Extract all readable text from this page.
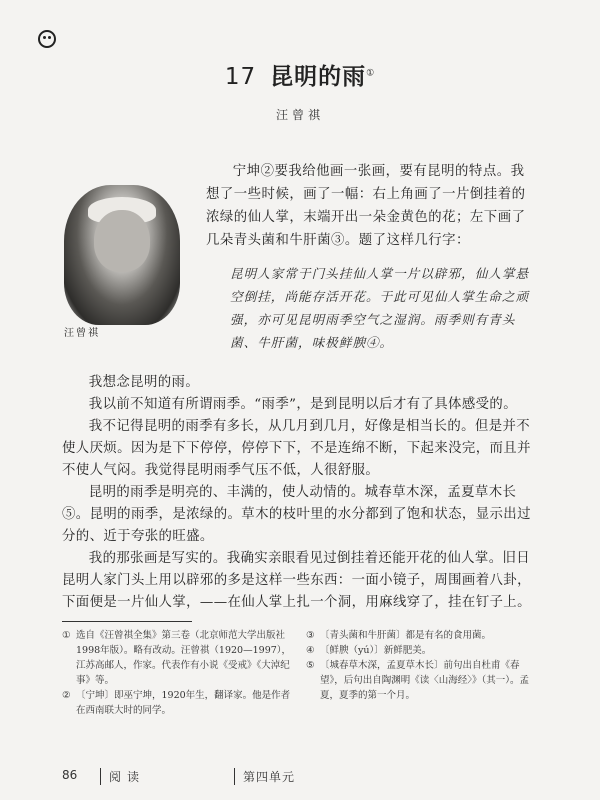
17 昆明的雨①
汪曾祺
汪曾祺

宁坤②要我给他画一张画，要有昆明的特点。我想了一些时候，画了一幅：右上角画了一片倒挂着的浓绿的仙人掌，末端开出一朵金黄色的花；左下画了几朵青头菌和牛肝菌③。题了这样几行字：

昆明人家常于门头挂仙人掌一片以辟邪，仙人掌悬空倒挂，尚能存活开花。于此可见仙人掌生命之顽强，亦可见昆明雨季空气之湿润。雨季则有青头菌、牛肝菌，味极鲜腴④。

我想念昆明的雨。

我以前不知道有所谓雨季。“雨季”，是到昆明以后才有了具体感受的。

我不记得昆明的雨季有多长，从几月到几月，好像是相当长的。但是并不使人厌烦。因为是下下停停，停停下下，不是连绵不断，下起来没完，而且并不使人气闷。我觉得昆明雨季气压不低，人很舒服。

昆明的雨季是明亮的、丰满的，使人动情的。城春草木深，孟夏草木长⑤。昆明的雨季，是浓绿的。草木的枝叶里的水分都到了饱和状态，显示出过分的、近于夸张的旺盛。

我的那张画是写实的。我确实亲眼看见过倒挂着还能开花的仙人掌。旧日昆明人家门头上用以辟邪的多是这样一些东西：一面小镜子，周围画着八卦，下面便是一片仙人掌，——在仙人掌上扎一个洞，用麻线穿了，挂在钉子上。

① 选自《汪曾祺全集》第三卷（北京师范大学出版社1998年版）。略有改动。汪曾祺（1920—1997），江苏高邮人，作家。代表作有小说《受戒》《大淖纪事》等。
② 〔宁坤〕即巫宁坤，1920年生，翻译家。他是作者在西南联大时的同学。
③ 〔青头菌和牛肝菌〕都是有名的食用菌。
④ 〔鲜腴（yú）〕新鲜肥美。
⑤ 〔城春草木深，孟夏草木长〕前句出自杜甫《春望》，后句出自陶渊明《读〈山海经〉》（其一）。孟夏，夏季的第一个月。
86	阅读	第四单元
